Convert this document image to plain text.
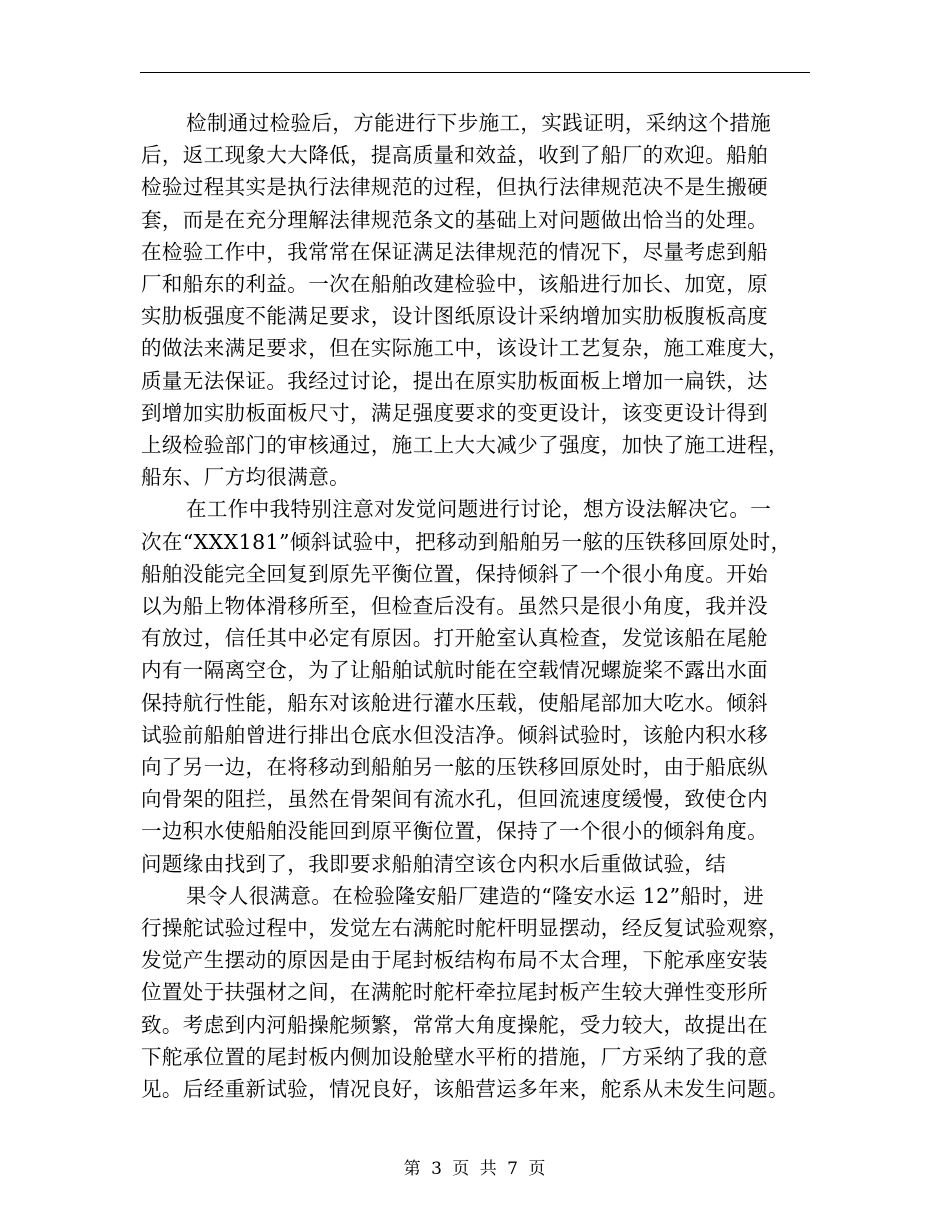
检制通过检验后，方能进行下步施工，实践证明，采纳这个措施
后，返工现象大大降低，提高质量和效益，收到了船厂的欢迎。船舶
检验过程其实是执行法律规范的过程，但执行法律规范决不是生搬硬
套，而是在充分理解法律规范条文的基础上对问题做出恰当的处理。
在检验工作中，我常常在保证满足法律规范的情况下，尽量考虑到船
厂和船东的利益。一次在船舶改建检验中，该船进行加长、加宽，原
实肋板强度不能满足要求，设计图纸原设计采纳增加实肋板腹板高度
的做法来满足要求，但在实际施工中，该设计工艺复杂，施工难度大，
质量无法保证。我经过讨论，提出在原实肋板面板上增加一扁铁，达
到增加实肋板面板尺寸，满足强度要求的变更设计，该变更设计得到
上级检验部门的审核通过，施工上大大减少了强度，加快了施工进程，
船东、厂方均很满意。
在工作中我特别注意对发觉问题进行讨论，想方设法解决它。一
次在“XXX181”倾斜试验中，把移动到船舶另一舷的压铁移回原处时，
船舶没能完全回复到原先平衡位置，保持倾斜了一个很小角度。开始
以为船上物体滑移所至，但检查后没有。虽然只是很小角度，我并没
有放过，信任其中必定有原因。打开舱室认真检查，发觉该船在尾舱
内有一隔离空仓，为了让船舶试航时能在空载情况螺旋桨不露出水面
保持航行性能，船东对该舱进行灌水压载，使船尾部加大吃水。倾斜
试验前船舶曾进行排出仓底水但没洁净。倾斜试验时，该舱内积水移
向了另一边，在将移动到船舶另一舷的压铁移回原处时，由于船底纵
向骨架的阻拦，虽然在骨架间有流水孔，但回流速度缓慢，致使仓内
一边积水使船舶没能回到原平衡位置，保持了一个很小的倾斜角度。
问题缘由找到了，我即要求船舶清空该仓内积水后重做试验，结
果令人很满意。在检验隆安船厂建造的“隆安水运 12”船时，进
行操舵试验过程中，发觉左右满舵时舵杆明显摆动，经反复试验观察，
发觉产生摆动的原因是由于尾封板结构布局不太合理，下舵承座安装
位置处于扶强材之间，在满舵时舵杆牵拉尾封板产生较大弹性变形所
致。考虑到内河船操舵频繁，常常大角度操舵，受力较大，故提出在
下舵承位置的尾封板内侧加设舱壁水平桁的措施，厂方采纳了我的意
见。后经重新试验，情况良好，该船营运多年来，舵系从未发生问题。
第 3 页 共 7 页
